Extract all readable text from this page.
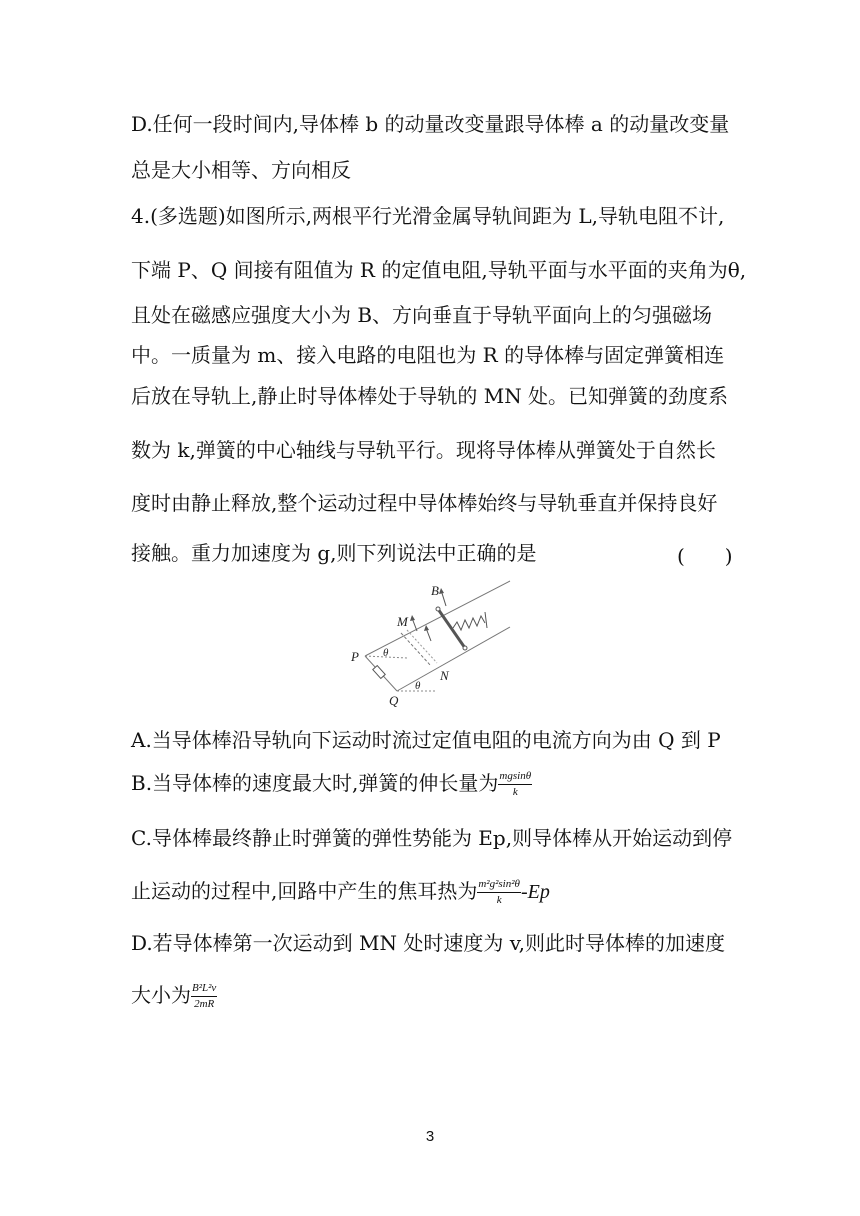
D.任何一段时间内,导体棒 b 的动量改变量跟导体棒 a 的动量改变量
总是大小相等、方向相反
4.(多选题)如图所示,两根平行光滑金属导轨间距为 L,导轨电阻不计,
下端 P、Q 间接有阻值为 R 的定值电阻,导轨平面与水平面的夹角为θ,
且处在磁感应强度大小为 B、方向垂直于导轨平面向上的匀强磁场
中。一质量为 m、接入电路的电阻也为 R 的导体棒与固定弹簧相连
后放在导轨上,静止时导体棒处于导轨的 MN 处。已知弹簧的劲度系
数为 k,弹簧的中心轴线与导轨平行。现将导体棒从弹簧处于自然长
度时由静止释放,整个运动过程中导体棒始终与导轨垂直并保持良好
接触。重力加速度为 g,则下列说法中正确的是	(　　)
B
M
P
Q
N
θ
θ
A.当导体棒沿导轨向下运动时流过定值电阻的电流方向为由 Q 到 P
B.当导体棒的速度最大时,弹簧的伸长量为 $\frac{mgsin\theta}{k}$
C.导体棒最终静止时弹簧的弹性势能为 Ep,则导体棒从开始运动到停
止运动的过程中,回路中产生的焦耳热为 $\frac{\text{m²g²sin²θ}}{k} -Ep$
D.若导体棒第一次运动到 MN 处时速度为 v,则此时导体棒的加速度
大小为 $\frac{\text{B²L²v}}{2mR}$
3
